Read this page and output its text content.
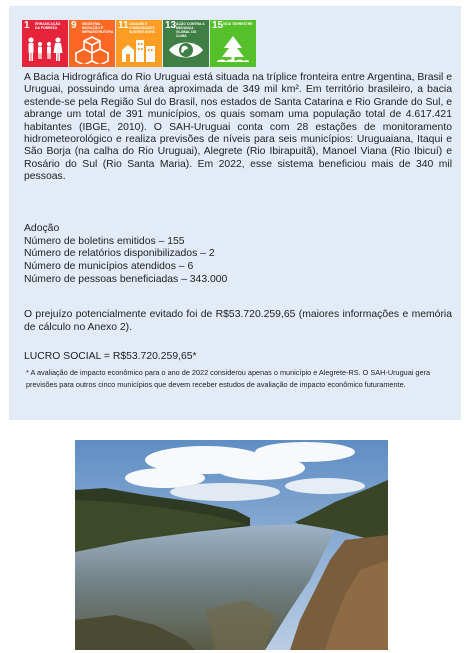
1 ERRADICAÇÃO DA POBREZA	9 INDÚSTRIA, INOVAÇÃO E INFRAESTRUTURA
11 CIDADES E COMUNIDADES SUSTENTÁVEIS
13 AÇÃO CONTRA A MUDANÇA GLOBAL DO CLIMA
15 VIDA TERRESTRE
A Bacia Hidrográfica do Rio Uruguai está situada na tríplice fronteira entre Argentina, Brasil e Uruguai, possuindo uma área aproximada de 349 mil km². Em território brasileiro, a bacia estende-se pela Região Sul do Brasil, nos estados de Santa Catarina e Rio Grande do Sul, e abrange um total de 391 municípios, os quais somam uma população total de 4.617.421 habitantes (IBGE, 2010). O SAH-Uruguai conta com 28 estações de monitoramento hidrometeorológico e realiza previsões de níveis para seis municípios: Uruguaiana, Itaqui e São Borja (na calha do Rio Uruguai), Alegrete (Rio Ibirapuitã), Manoel Viana (Rio Ibicuí) e Rosário do Sul (Rio Santa Maria). Em 2022, esse sistema beneficiou mais de 340 mil pessoas.
Adoção
Número de boletins emitidos – 155
Número de relatórios disponibilizados – 2
Número de municípios atendidos – 6
Número de pessoas beneficiadas – 343.000
O prejuízo potencialmente evitado foi de R$53.720.259,65 (maiores informações e memória de cálculo no Anexo 2).
LUCRO SOCIAL = R$53.720.259,65*
* A avaliação de impacto econômico para o ano de 2022 considerou apenas o município e Alegrete-RS. O SAH-Uruguai gera previsões para outros cinco municípios que devem receber estudos de avaliação de impacto econômico futuramente.
